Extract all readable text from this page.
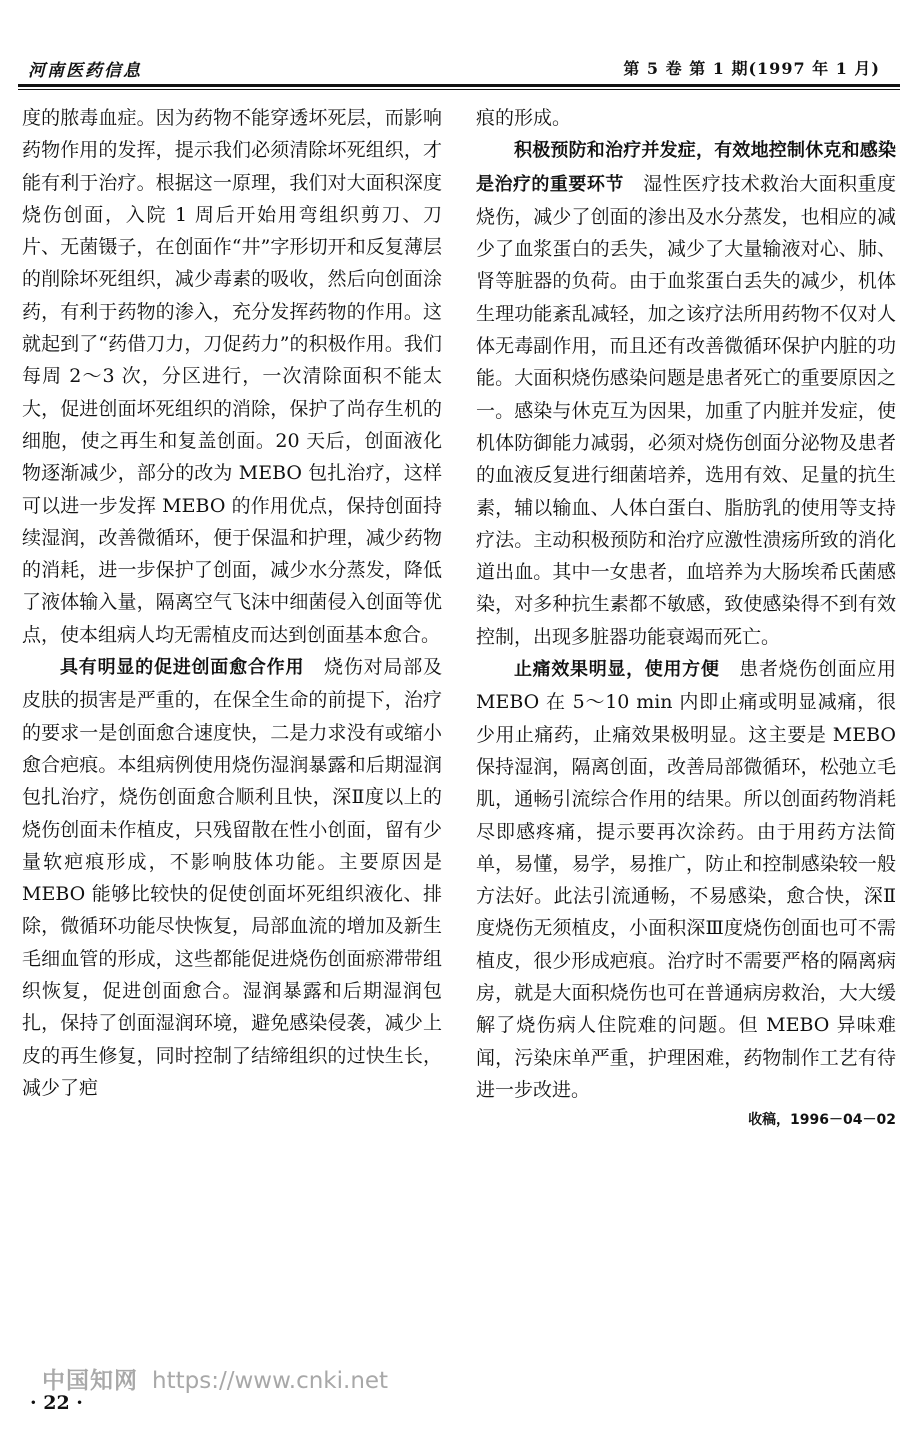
河南医药信息	第 5 卷 第 1 期(1997 年 1 月)

度的脓毒血症。因为药物不能穿透坏死层，而影响药物作用的发挥，提示我们必须清除坏死组织，才能有利于治疗。根据这一原理，我们对大面积深度烧伤创面，入院 1 周后开始用弯组织剪刀、刀片、无菌镊子，在创面作“井”字形切开和反复薄层的削除坏死组织，减少毒素的吸收，然后向创面涂药，有利于药物的渗入，充分发挥药物的作用。这就起到了“药借刀力，刀促药力”的积极作用。我们每周 2～3 次，分区进行，一次清除面积不能太大，促进创面坏死组织的消除，保护了尚存生机的细胞，使之再生和复盖创面。20 天后，创面液化物逐渐减少，部分的改为 MEBO 包扎治疗，这样可以进一步发挥 MEBO 的作用优点，保持创面持续湿润，改善微循环，便于保温和护理，减少药物的消耗，进一步保护了创面，减少水分蒸发，降低了液体输入量，隔离空气飞沫中细菌侵入创面等优点，使本组病人均无需植皮而达到创面基本愈合。

具有明显的促进创面愈合作用　 烧伤对局部及皮肤的损害是严重的，在保全生命的前提下，治疗的要求一是创面愈合速度快，二是力求没有或缩小愈合疤痕。本组病例使用烧伤湿润暴露和后期湿润包扎治疗，烧伤创面愈合顺利且快，深Ⅱ度以上的烧伤创面未作植皮，只残留散在性小创面，留有少量软疤痕形成，不影响肢体功能。主要原因是 MEBO 能够比较快的促使创面坏死组织液化、排除，微循环功能尽快恢复，局部血流的增加及新生毛细血管的形成，这些都能促进烧伤创面瘀滞带组织恢复，促进创面愈合。湿润暴露和后期湿润包扎，保持了创面湿润环境，避免感染侵袭，减少上皮的再生修复，同时控制了结缔组织的过快生长，减少了疤

痕的形成。

积极预防和治疗并发症，有效地控制休克和感染是治疗的重要环节　 湿性医疗技术救治大面积重度烧伤，减少了创面的渗出及水分蒸发，也相应的减少了血浆蛋白的丢失，减少了大量输液对心、肺、肾等脏器的负荷。由于血浆蛋白丢失的减少，机体生理功能紊乱减轻，加之该疗法所用药物不仅对人体无毒副作用，而且还有改善微循环保护内脏的功能。大面积烧伤感染问题是患者死亡的重要原因之一。感染与休克互为因果，加重了内脏并发症，使机体防御能力减弱，必须对烧伤创面分泌物及患者的血液反复进行细菌培养，选用有效、足量的抗生素，辅以输血、人体白蛋白、脂肪乳的使用等支持疗法。主动积极预防和治疗应激性溃疡所致的消化道出血。其中一女患者，血培养为大肠埃希氏菌感染，对多种抗生素都不敏感，致使感染得不到有效控制，出现多脏器功能衰竭而死亡。

止痛效果明显，使用方便　 患者烧伤创面应用 MEBO 在 5～10 min 内即止痛或明显减痛，很少用止痛药，止痛效果极明显。这主要是 MEBO 保持湿润，隔离创面，改善局部微循环，松弛立毛肌，通畅引流综合作用的结果。所以创面药物消耗尽即感疼痛，提示要再次涂药。由于用药方法简单，易懂，易学，易推广，防止和控制感染较一般方法好。此法引流通畅，不易感染，愈合快，深Ⅱ度烧伤无须植皮，小面积深Ⅲ度烧伤创面也可不需植皮，很少形成疤痕。治疗时不需要严格的隔离病房，就是大面积烧伤也可在普通病房救治，大大缓解了烧伤病人住院难的问题。但 MEBO 异味难闻，污染床单严重，护理困难，药物制作工艺有待进一步改进。

收稿，1996－04－02
中国知网 https://www.cnki.net
· 22 ·
